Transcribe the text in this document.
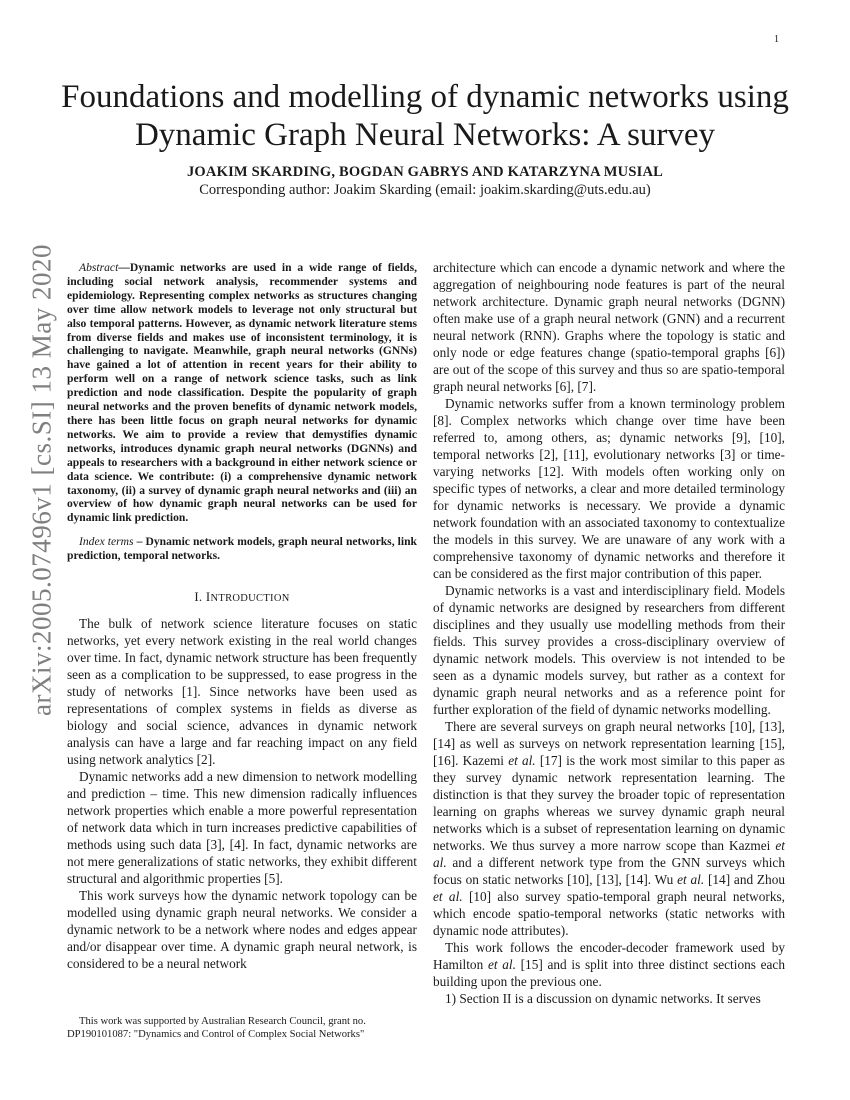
1
Foundations and modelling of dynamic networks using Dynamic Graph Neural Networks: A survey
JOAKIM SKARDING, BOGDAN GABRYS AND KATARZYNA MUSIAL
Corresponding author: Joakim Skarding (email: joakim.skarding@uts.edu.au)
arXiv:2005.07496v1 [cs.SI] 13 May 2020	Abstract—Dynamic networks are used in a wide range of fields, including social network analysis, recommender systems and epidemiology. Representing complex networks as structures changing over time allow network models to leverage not only structural but also temporal patterns. However, as dynamic network literature stems from diverse fields and makes use of inconsistent terminology, it is challenging to navigate. Meanwhile, graph neural networks (GNNs) have gained a lot of attention in recent years for their ability to perform well on a range of network science tasks, such as link prediction and node classification. Despite the popularity of graph neural networks and the proven benefits of dynamic network models, there has been little focus on graph neural networks for dynamic networks. We aim to provide a review that demystifies dynamic networks, introduces dynamic graph neural networks (DGNNs) and appeals to researchers with a background in either network science or data science. We contribute: (i) a comprehensive dynamic network taxonomy, (ii) a survey of dynamic graph neural networks and (iii) an overview of how dynamic graph neural networks can be used for dynamic link prediction.

Index terms – Dynamic network models, graph neural networks, link prediction, temporal networks.

I. INTRODUCTION

The bulk of network science literature focuses on static networks, yet every network existing in the real world changes over time. In fact, dynamic network structure has been frequently seen as a complication to be suppressed, to ease progress in the study of networks [1]. Since networks have been used as representations of complex systems in fields as diverse as biology and social science, advances in dynamic network analysis can have a large and far reaching impact on any field using network analytics [2].

Dynamic networks add a new dimension to network modelling and prediction – time. This new dimension radically influences network properties which enable a more powerful representation of network data which in turn increases predictive capabilities of methods using such data [3], [4]. In fact, dynamic networks are not mere generalizations of static networks, they exhibit different structural and algorithmic properties [5].

This work surveys how the dynamic network topology can be modelled using dynamic graph neural networks. We consider a dynamic network to be a network where nodes and edges appear and/or disappear over time. A dynamic graph neural network, is considered to be a neural network

This work was supported by Australian Research Council, grant no. DP190101087: "Dynamics and Control of Complex Social Networks"

architecture which can encode a dynamic network and where the aggregation of neighbouring node features is part of the neural network architecture. Dynamic graph neural networks (DGNN) often make use of a graph neural network (GNN) and a recurrent neural network (RNN). Graphs where the topology is static and only node or edge features change (spatio-temporal graphs [6]) are out of the scope of this survey and thus so are spatio-temporal graph neural networks [6], [7].

Dynamic networks suffer from a known terminology problem [8]. Complex networks which change over time have been referred to, among others, as; dynamic networks [9], [10], temporal networks [2], [11], evolutionary networks [3] or time-varying networks [12]. With models often working only on specific types of networks, a clear and more detailed terminology for dynamic networks is necessary. We provide a dynamic network foundation with an associated taxonomy to contextualize the models in this survey. We are unaware of any work with a comprehensive taxonomy of dynamic networks and therefore it can be considered as the first major contribution of this paper.

Dynamic networks is a vast and interdisciplinary field. Models of dynamic networks are designed by researchers from different disciplines and they usually use modelling methods from their fields. This survey provides a cross-disciplinary overview of dynamic network models. This overview is not intended to be seen as a dynamic models survey, but rather as a context for dynamic graph neural networks and as a reference point for further exploration of the field of dynamic networks modelling.

There are several surveys on graph neural networks [10], [13], [14] as well as surveys on network representation learning [15], [16]. Kazemi et al. [17] is the work most similar to this paper as they survey dynamic network representation learning. The distinction is that they survey the broader topic of representation learning on graphs whereas we survey dynamic graph neural networks which is a subset of representation learning on dynamic networks. We thus survey a more narrow scope than Kazmei et al. and a different network type from the GNN surveys which focus on static networks [10], [13], [14]. Wu et al. [14] and Zhou et al. [10] also survey spatio-temporal graph neural networks, which encode spatio-temporal networks (static networks with dynamic node attributes).

This work follows the encoder-decoder framework used by Hamilton et al. [15] and is split into three distinct sections each building upon the previous one.

1) Section II is a discussion on dynamic networks. It serves
